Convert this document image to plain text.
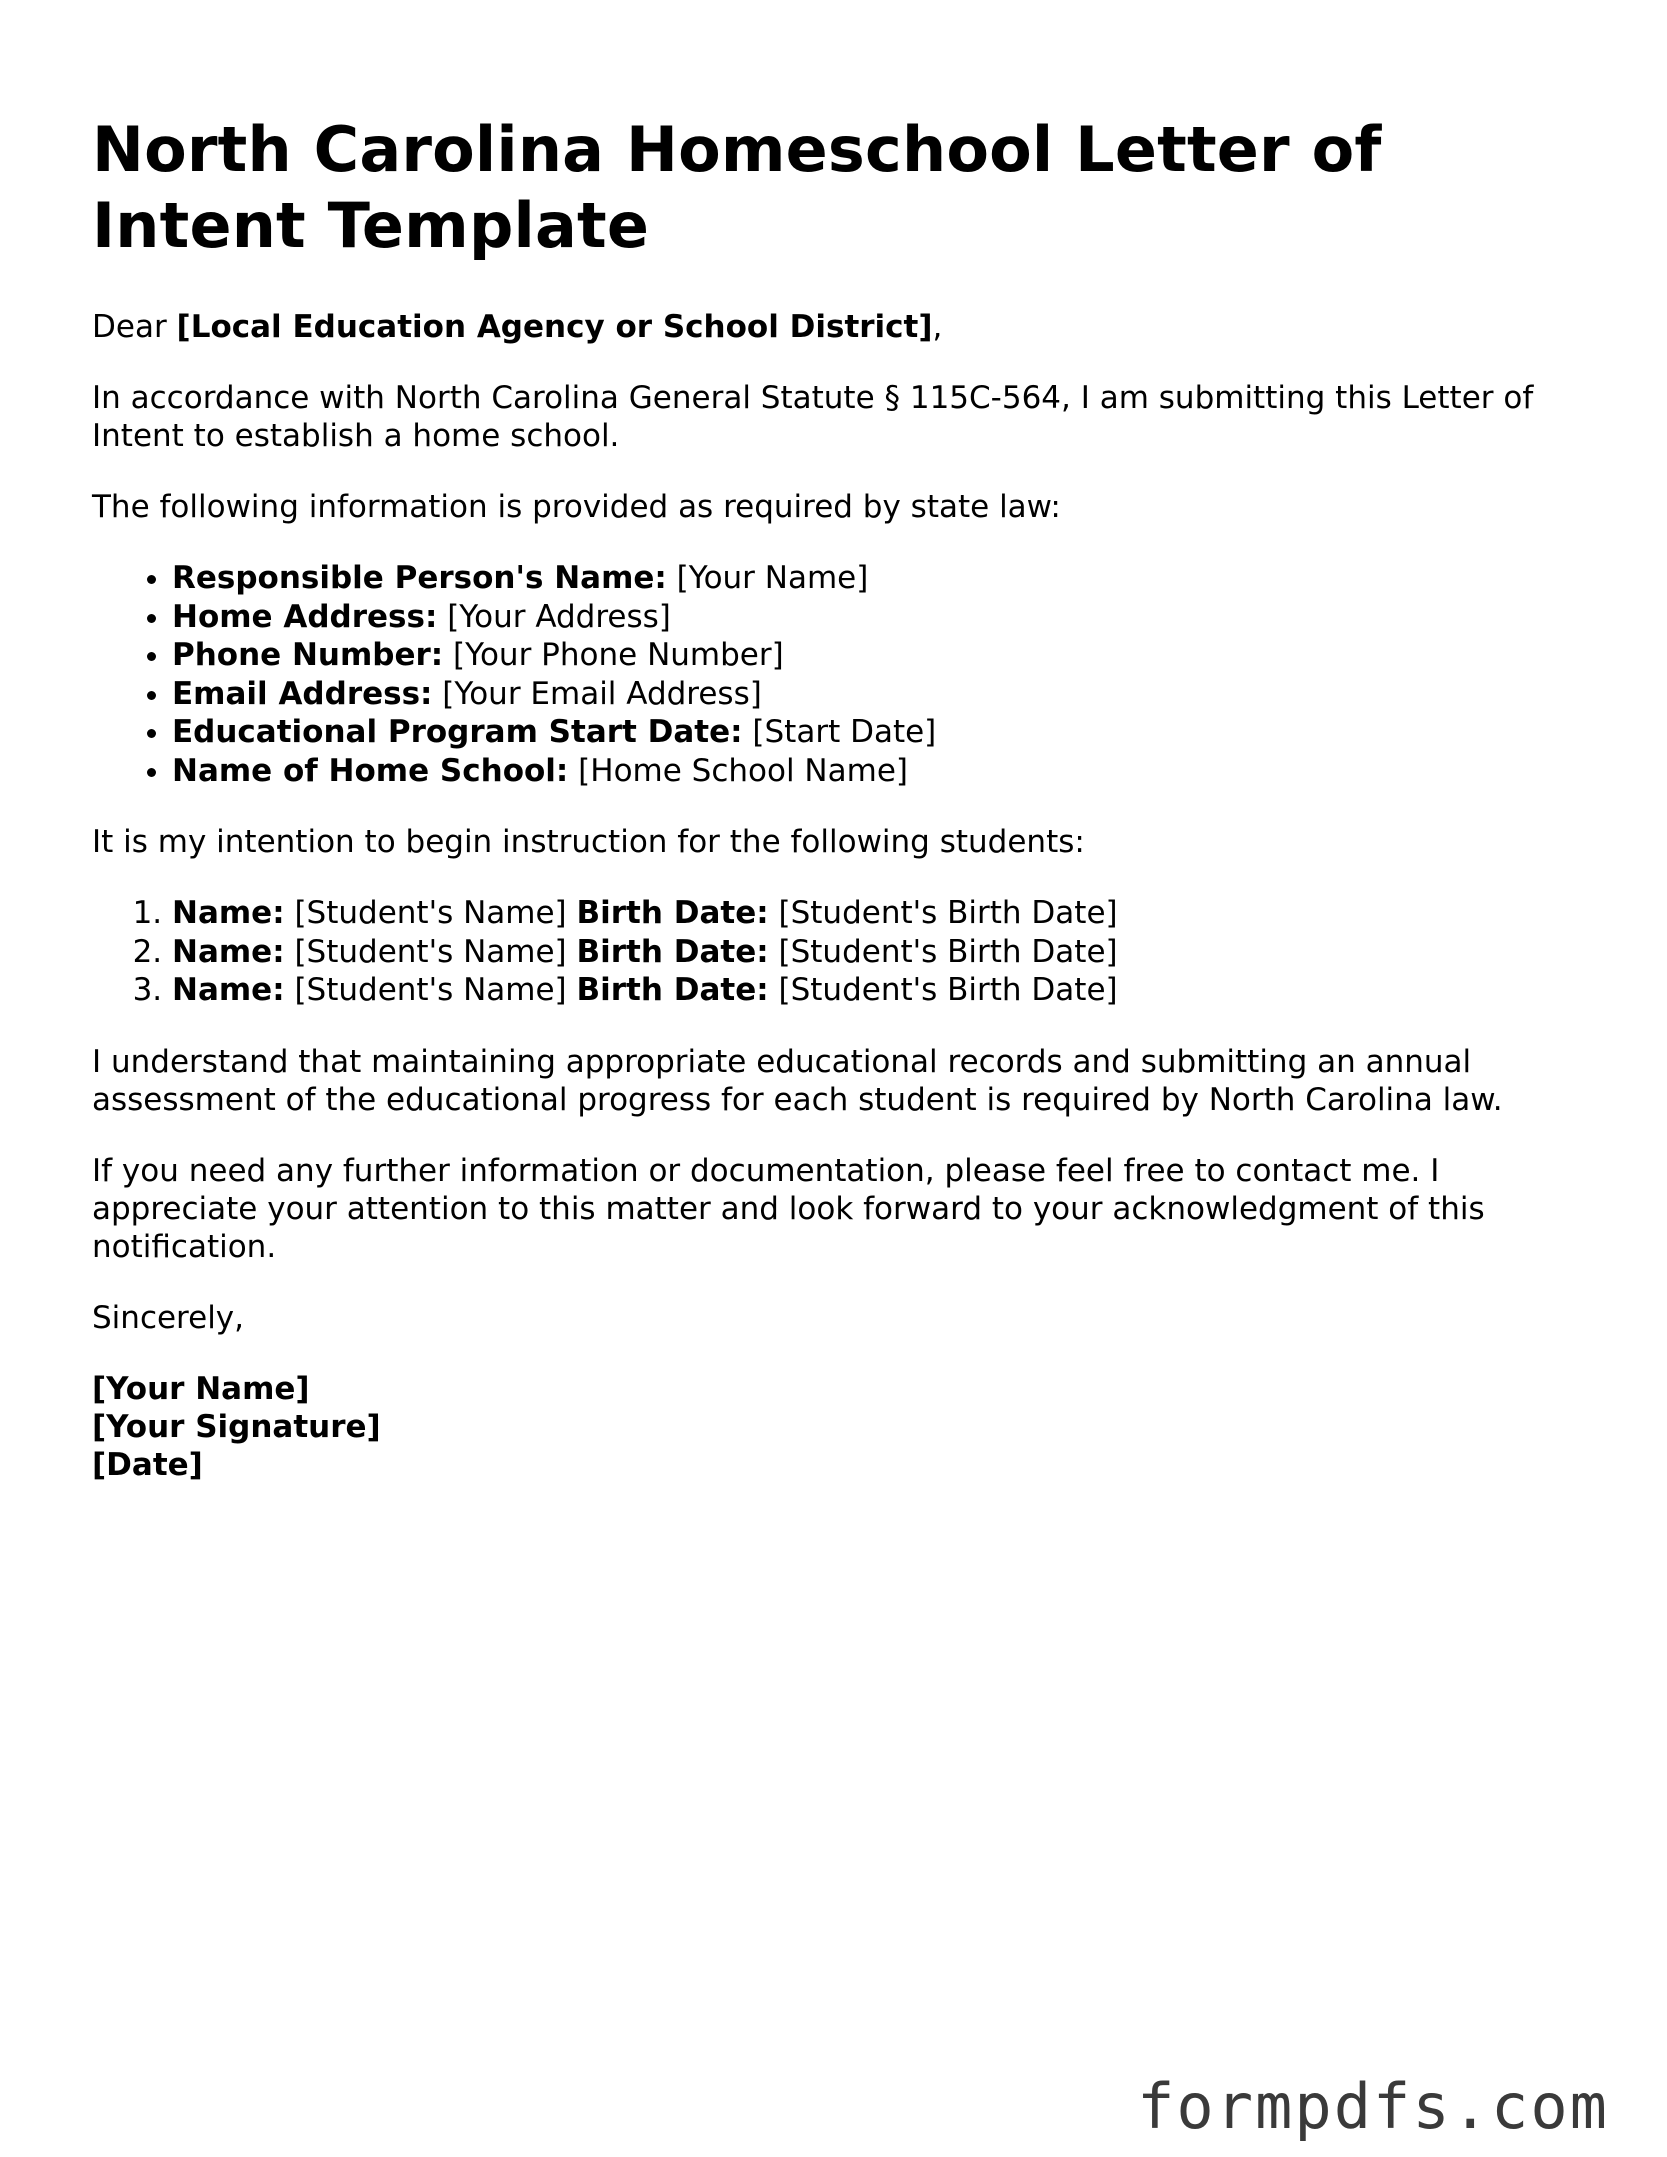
North Carolina Homeschool Letter of Intent Template

Dear [Local Education Agency or School District],

In accordance with North Carolina General Statute § 115C-564, I am submitting this Letter of Intent to establish a home school.

The following information is provided as required by state law:

• Responsible Person's Name: [Your Name]
• Home Address: [Your Address]
• Phone Number: [Your Phone Number]
• Email Address: [Your Email Address]
• Educational Program Start Date: [Start Date]
• Name of Home School: [Home School Name]

It is my intention to begin instruction for the following students:

1. Name: [Student's Name] Birth Date: [Student's Birth Date]
2. Name: [Student's Name] Birth Date: [Student's Birth Date]
3. Name: [Student's Name] Birth Date: [Student's Birth Date]

I understand that maintaining appropriate educational records and submitting an annual assessment of the educational progress for each student is required by North Carolina law.

If you need any further information or documentation, please feel free to contact me. I appreciate your attention to this matter and look forward to your acknowledgment of this notification.

Sincerely,

[Your Name]

[Your Signature]

[Date]

formpdfs.com
